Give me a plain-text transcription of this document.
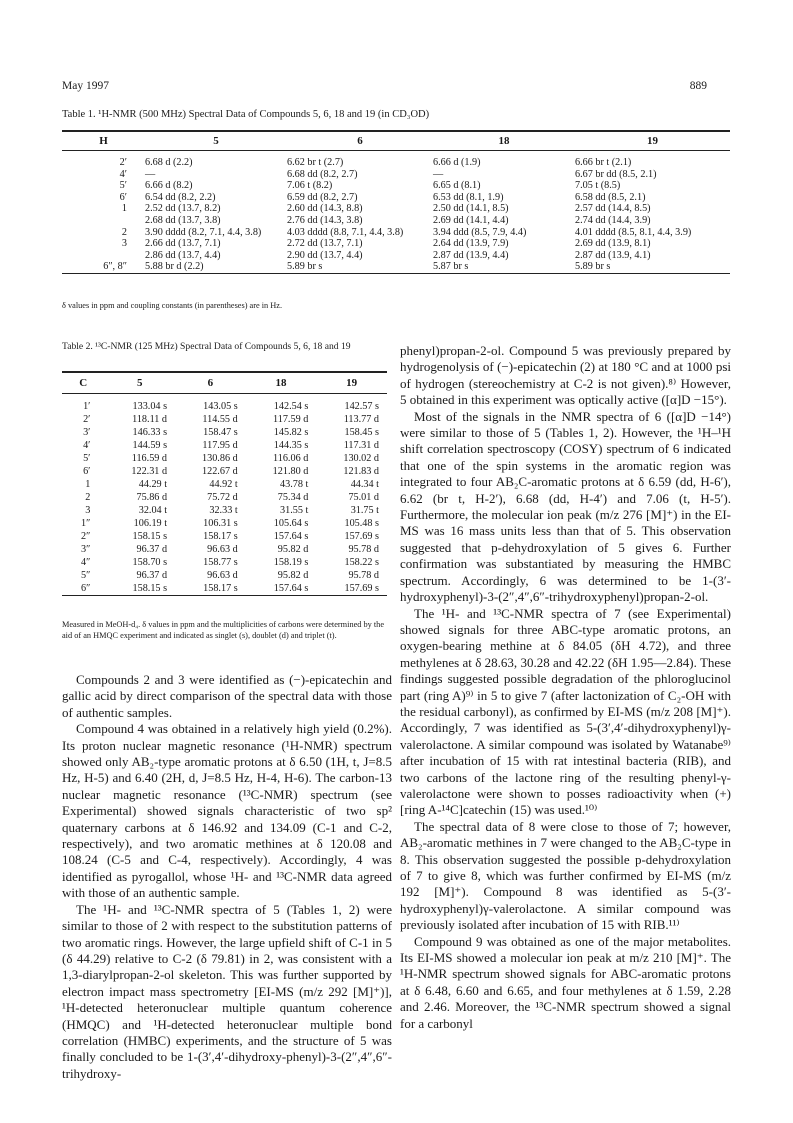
May 1997	889
Table 1. ¹H-NMR (500 MHz) Spectral Data of Compounds 5, 6, 18 and 19 (in CD₃OD)
H	5	6	18	19
2′	6.68 d (2.2)	6.62 br t (2.7)	6.66 d (1.9)	6.66 br t (2.1)
4′	—	6.68 dd (8.2, 2.7)	—	6.67 br dd (8.5, 2.1)
5′	6.66 d (8.2)	7.06 t (8.2)	6.65 d (8.1)	7.05 t (8.5)
6′	6.54 dd (8.2, 2.2)	6.59 dd (8.2, 2.7)	6.53 dd (8.1, 1.9)	6.58 dd (8.5, 2.1)
1	2.52 dd (13.7, 8.2)	2.60 dd (14.3, 8.8)	2.50 dd (14.1, 8.5)	2.57 dd (14.4, 8.5)
	2.68 dd (13.7, 3.8)	2.76 dd (14.3, 3.8)	2.69 dd (14.1, 4.4)	2.74 dd (14.4, 3.9)
2	3.90 dddd (8.2, 7.1, 4.4, 3.8)	4.03 dddd (8.8, 7.1, 4.4, 3.8)	3.94 ddd (8.5, 7.9, 4.4)	4.01 dddd (8.5, 8.1, 4.4, 3.9)
3	2.66 dd (13.7, 7.1)	2.72 dd (13.7, 7.1)	2.64 dd (13.9, 7.9)	2.69 dd (13.9, 8.1)
	2.86 dd (13.7, 4.4)	2.90 dd (13.7, 4.4)	2.87 dd (13.9, 4.4)	2.87 dd (13.9, 4.1)
6″, 8″	5.88 br d (2.2)	5.89 br s	5.87 br s	5.89 br s
δ values in ppm and coupling constants (in parentheses) are in Hz.
Table 2. ¹³C-NMR (125 MHz) Spectral Data of Compounds 5, 6, 18 and 19
C	5	6	18	19
1′	133.04 s	143.05 s	142.54 s	142.57 s
2′	118.11 d	114.55 d	117.59 d	113.77 d
3′	146.33 s	158.47 s	145.82 s	158.45 s
4′	144.59 s	117.95 d	144.35 s	117.31 d
5′	116.59 d	130.86 d	116.06 d	130.02 d
6′	122.31 d	122.67 d	121.80 d	121.83 d
1	44.29 t	44.92 t	43.78 t	44.34 t
2	75.86 d	75.72 d	75.34 d	75.01 d
3	32.04 t	32.33 t	31.55 t	31.75 t
1″	106.19 t	106.31 s	105.64 s	105.48 s
2″	158.15 s	158.17 s	157.64 s	157.69 s
3″	96.37 d	96.63 d	95.82 d	95.78 d
4″	158.70 s	158.77 s	158.19 s	158.22 s
5″	96.37 d	96.63 d	95.82 d	95.78 d
6″	158.15 s	158.17 s	157.64 s	157.69 s
Measured in MeOH-d₄. δ values in ppm and the multiplicities of carbons were determined by the aid of an HMQC experiment and indicated as singlet (s), doublet (d) and triplet (t).

Compounds 2 and 3 were identified as (−)-epicatechin and gallic acid by direct comparison of the spectral data with those of authentic samples.

Compound 4 was obtained in a relatively high yield (0.2%). Its proton nuclear magnetic resonance (¹H-NMR) spectrum showed only AB₂-type aromatic protons at δ 6.50 (1H, t, J=8.5 Hz, H-5) and 6.40 (2H, d, J=8.5 Hz, H-4, H-6). The carbon-13 nuclear magnetic resonance (¹³C-NMR) spectrum (see Experimental) showed signals characteristic of two sp² quaternary carbons at δ 146.92 and 134.09 (C-1 and C-2, respectively), and two aromatic methines at δ 120.08 and 108.24 (C-5 and C-4, respectively). Accordingly, 4 was identified as pyrogallol, whose ¹H- and ¹³C-NMR data agreed with those of an authentic sample.

The ¹H- and ¹³C-NMR spectra of 5 (Tables 1, 2) were similar to those of 2 with respect to the substitution patterns of two aromatic rings. However, the large upfield shift of C-1 in 5 (δ 44.29) relative to C-2 (δ 79.81) in 2, was consistent with a 1,3-diarylpropan-2-ol skeleton. This was further supported by electron impact mass spectrometry [EI-MS (m/z 292 [M]⁺)], ¹H-detected heteronuclear multiple quantum coherence (HMQC) and ¹H-detected heteronuclear multiple bond correlation (HMBC) experiments, and the structure of 5 was finally concluded to be 1-(3′,4′-dihydroxy-phenyl)-3-(2″,4″,6″-trihydroxy-

phenyl)propan-2-ol. Compound 5 was previously prepared by hydrogenolysis of (−)-epicatechin (2) at 180 °C and at 1000 psi of hydrogen (stereochemistry at C-2 is not given).⁸⁾ However, 5 obtained in this experiment was optically active ([α]D −15°).

Most of the signals in the NMR spectra of 6 ([α]D −14°) were similar to those of 5 (Tables 1, 2). However, the ¹H–¹H shift correlation spectroscopy (COSY) spectrum of 6 indicated that one of the spin systems in the aromatic region was integrated to four AB₂C-aromatic protons at δ 6.59 (dd, H-6′), 6.62 (br t, H-2′), 6.68 (dd, H-4′) and 7.06 (t, H-5′). Furthermore, the molecular ion peak (m/z 276 [M]⁺) in the EI-MS was 16 mass units less than that of 5. This observation suggested that p-dehydroxylation of 5 gives 6. Further confirmation was substantiated by measuring the HMBC spectrum. Accordingly, 6 was determined to be 1-(3′-hydroxyphenyl)-3-(2″,4″,6″-trihydroxyphenyl)propan-2-ol.

The ¹H- and ¹³C-NMR spectra of 7 (see Experimental) showed signals for three ABC-type aromatic protons, an oxygen-bearing methine at δ 84.05 (δH 4.72), and three methylenes at δ 28.63, 30.28 and 42.22 (δH 1.95—2.84). These findings suggested possible degradation of the phloroglucinol part (ring A)⁹⁾ in 5 to give 7 (after lactonization of C₂-OH with the residual carbonyl), as confirmed by EI-MS (m/z 208 [M]⁺). Accordingly, 7 was identified as 5-(3′,4′-dihydroxyphenyl)γ-valerolactone. A similar compound was isolated by Watanabe⁹⁾ after incubation of 15 with rat intestinal bacteria (RIB), and two carbons of the lactone ring of the resulting phenyl-γ-valerolactone were shown to posses radioactivity when (+)[ring A-¹⁴C]catechin (15) was used.¹⁰⁾

The spectral data of 8 were close to those of 7; however, AB₂-aromatic methines in 7 were changed to the AB₂C-type in 8. This observation suggested the possible p-dehydroxylation of 7 to give 8, which was further confirmed by EI-MS (m/z 192 [M]⁺). Compound 8 was identified as 5-(3′-hydroxyphenyl)γ-valerolactone. A similar compound was previously isolated after incubation of 15 with RIB.¹¹⁾

Compound 9 was obtained as one of the major metabolites. Its EI-MS showed a molecular ion peak at m/z 210 [M]⁺. The ¹H-NMR spectrum showed signals for ABC-aromatic protons at δ 6.48, 6.60 and 6.65, and four methylenes at δ 1.59, 2.28 and 2.46. Moreover, the ¹³C-NMR spectrum showed a signal for a carbonyl
